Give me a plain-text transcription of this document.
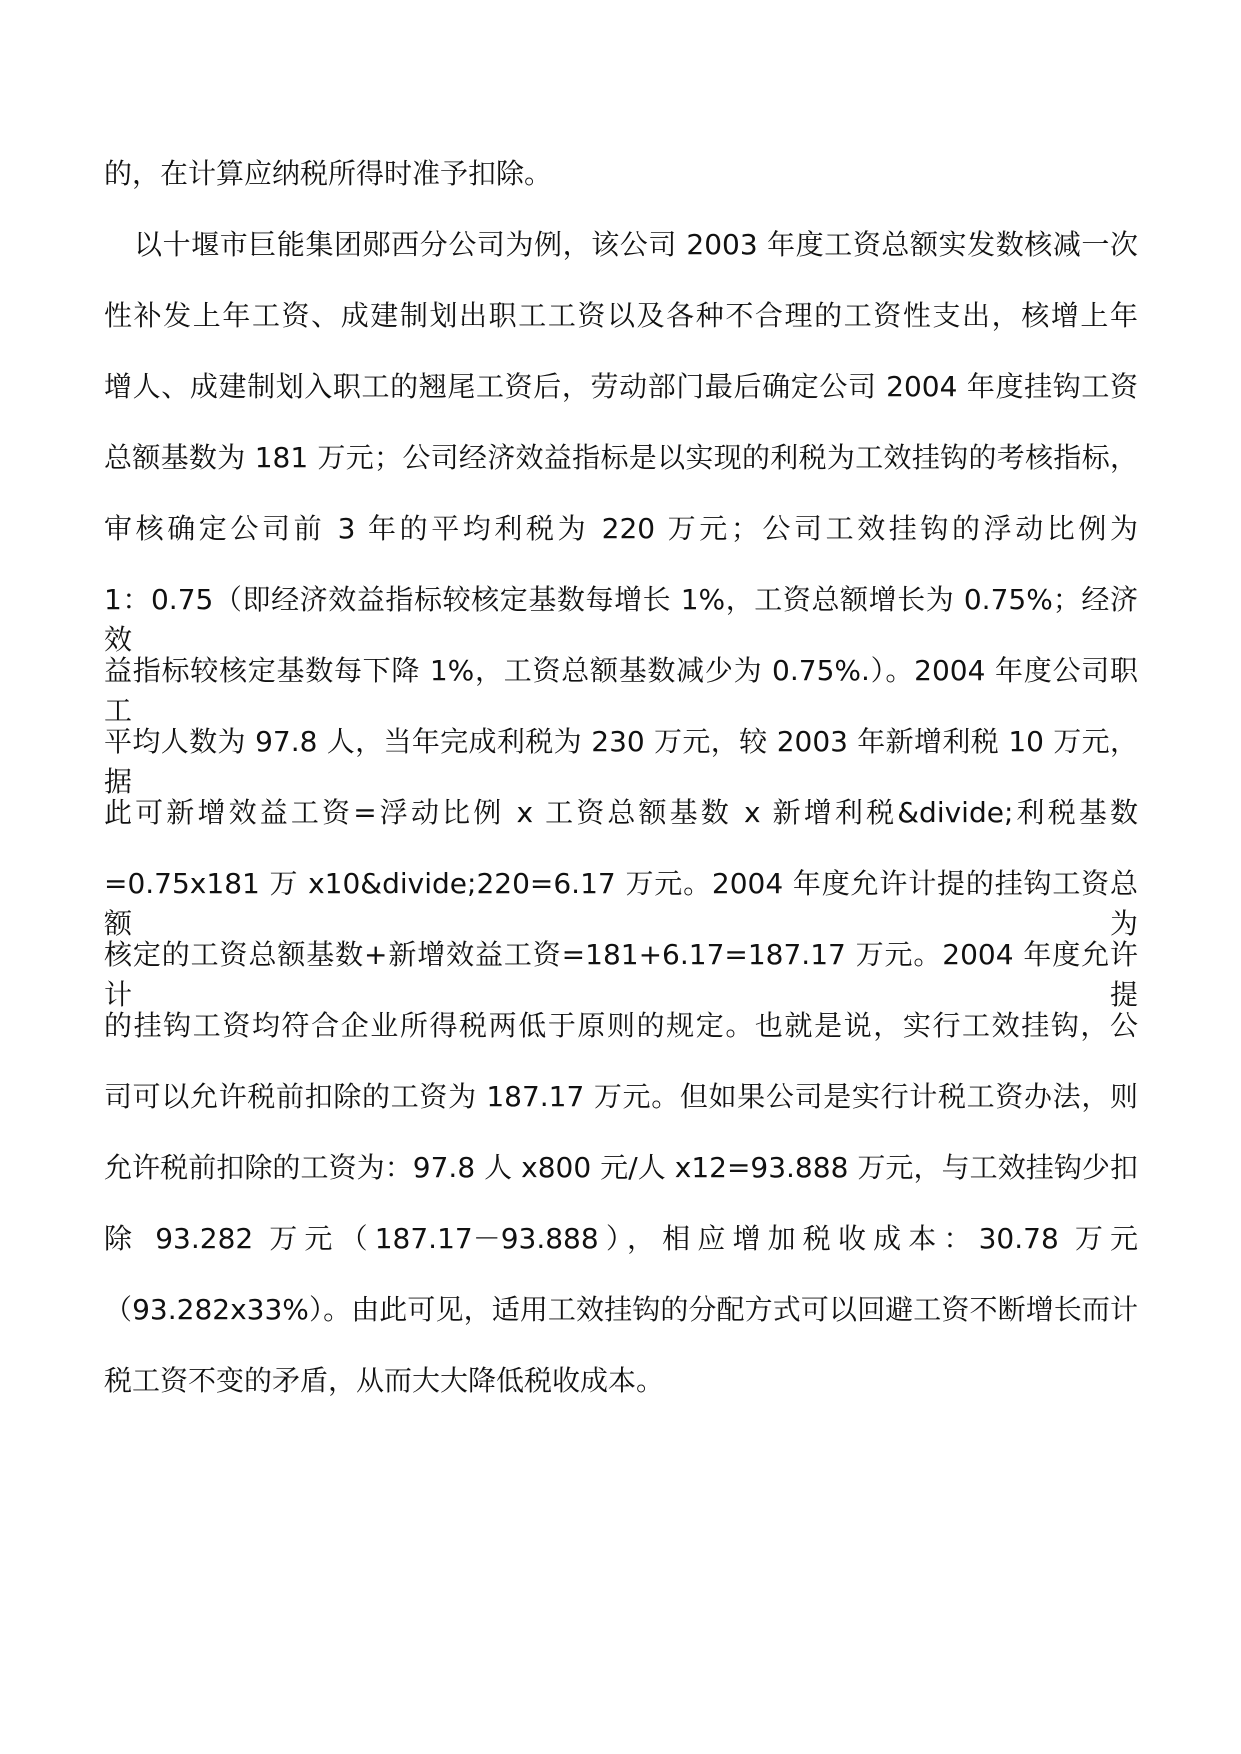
的，在计算应纳税所得时准予扣除。
以十堰市巨能集团郧西分公司为例，该公司 2003 年度工资总额实发数核减一次
性补发上年工资、成建制划出职工工资以及各种不合理的工资性支出，核增上年
增人、成建制划入职工的翘尾工资后，劳动部门最后确定公司 2004 年度挂钩工资
总额基数为 181 万元；公司经济效益指标是以实现的利税为工效挂钩的考核指标，
审核确定公司前 3 年的平均利税为 220 万元；公司工效挂钩的浮动比例为
1：0.75（即经济效益指标较核定基数每增长 1%，工资总额增长为 0.75%；经济效
益指标较核定基数每下降 1%，工资总额基数减少为 0.75%.）。2004 年度公司职工
平均人数为 97.8 人，当年完成利税为 230 万元，较 2003 年新增利税 10 万元，据
此可新增效益工资=浮动比例 x 工资总额基数 x 新增利税&divide;利税基数
=0.75x181 万 x10&divide;220=6.17 万元。2004 年度允许计提的挂钩工资总额为
核定的工资总额基数+新增效益工资=181+6.17=187.17 万元。2004 年度允许计提
的挂钩工资均符合企业所得税两低于原则的规定。也就是说，实行工效挂钩，公
司可以允许税前扣除的工资为 187.17 万元。但如果公司是实行计税工资办法，则
允许税前扣除的工资为：97.8 人 x800 元/人 x12=93.888 万元，与工效挂钩少扣
除 93.282 万元（187.17－93.888），相应增加税收成本：30.78 万元
（93.282x33%）。由此可见，适用工效挂钩的分配方式可以回避工资不断增长而计
税工资不变的矛盾，从而大大降低税收成本。
